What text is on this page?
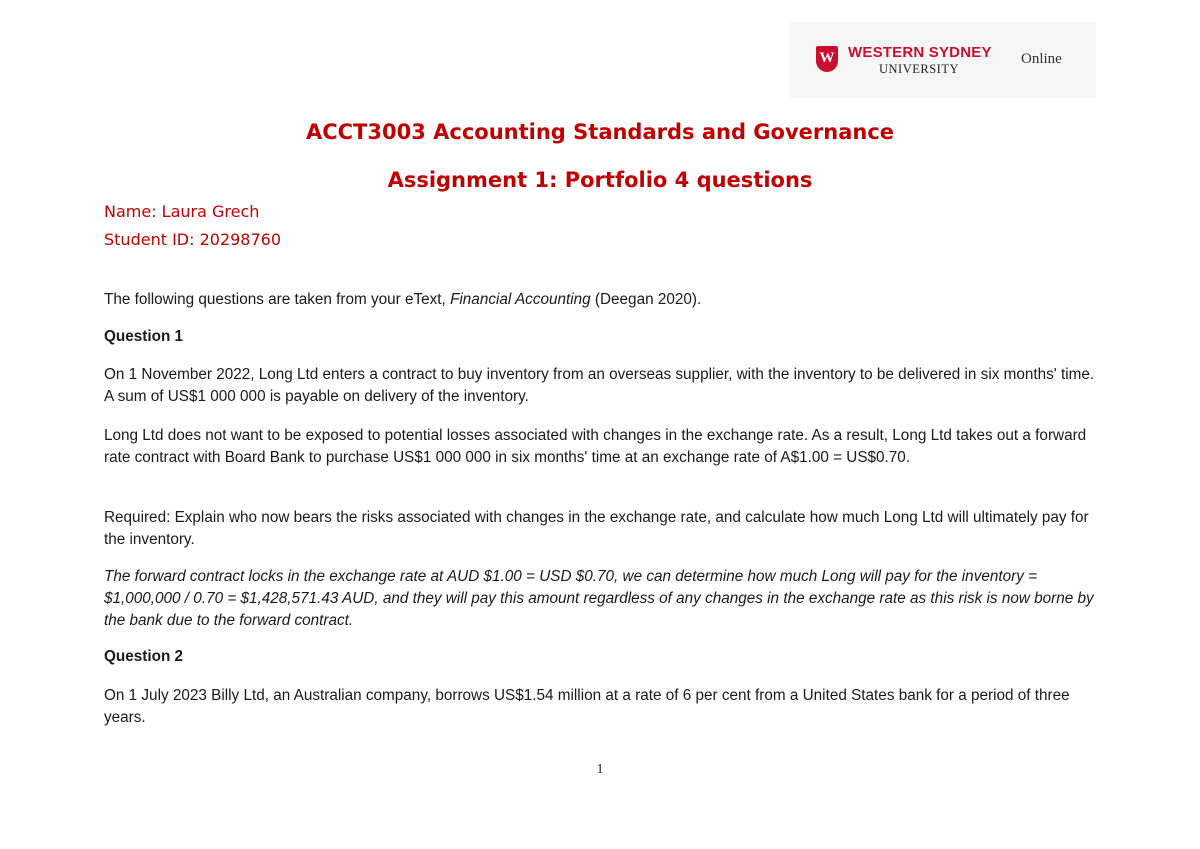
W WESTERN SYDNEY
UNIVERSITY
Online
ACCT3003 Accounting Standards and Governance
Assignment 1: Portfolio 4 questions
Name: Laura Grech
Student ID: 20298760

The following questions are taken from your eText, Financial Accounting (Deegan 2020).

Question 1

On 1 November 2022, Long Ltd enters a contract to buy inventory from an overseas supplier, with the inventory to be delivered in six months' time. A sum of US$1 000 000 is payable on delivery of the inventory.

Long Ltd does not want to be exposed to potential losses associated with changes in the exchange rate. As a result, Long Ltd takes out a forward rate contract with Board Bank to purchase US$1 000 000 in six months' time at an exchange rate of A$1.00 = US$0.70.

Required: Explain who now bears the risks associated with changes in the exchange rate, and calculate how much Long Ltd will ultimately pay for the inventory.

The forward contract locks in the exchange rate at AUD $1.00 = USD $0.70, we can determine how much Long will pay for the inventory = $1,000,000 / 0.70 = $1,428,571.43 AUD, and they will pay this amount regardless of any changes in the exchange rate as this risk is now borne by the bank due to the forward contract.

Question 2

On 1 July 2023 Billy Ltd, an Australian company, borrows US$1.54 million at a rate of 6 per cent from a United States bank for a period of three years.

1
